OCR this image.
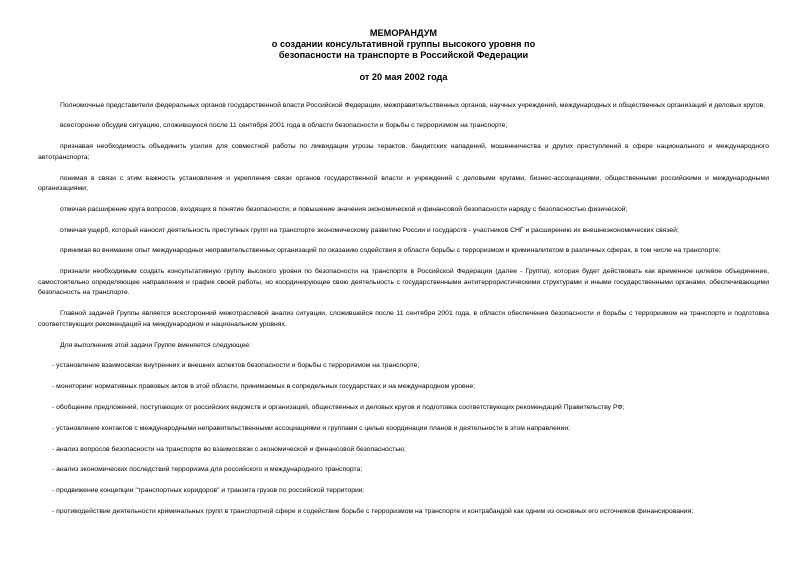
МЕМОРАНДУМ
о создании консультативной группы высокого уровня по
безопасности на транспорте в Российской Федерации
от 20 мая 2002 года

Полномочные представители федеральных органов государственной власти Российской Федерации, межправительственных органов, научных учреждений, международных и общественных организаций и деловых кругов,

всесторонне обсудив ситуацию, сложившуюся после 11 сентября 2001 года в области безопасности и борьбы с терроризмом на транспорте;

признавая необходимость объединить усилия для совместной работы по ликвидации угрозы терактов, бандитских нападений, мошенничества и других преступлений в сфере национального и международного автотранспорта;

понимая в связи с этим важность установления и укрепления связи органов государственной власти и учреждений с деловыми кругами, бизнес-ассоциациями, общественными российскими и международными организациями;

отмечая расширение круга вопросов, входящих в понятие безопасности, и повышение значения экономической и финансовой безопасности наряду с безопасностью физической;

отмечая ущерб, который наносит деятельность преступных групп на транспорте экономическому развитию России и государств - участников СНГ и расширению их внешнеэкономических связей;

принимая во внимание опыт международных неправительственных организаций по оказанию содействия в области борьбы с терроризмом и криминалитетом в различных сферах, в том числе на транспорте;

признали необходимым создать консультативную группу высокого уровня по безопасности на транспорте в Российской Федерации (далее - Группа), которая будет действовать как временное целевое объединение, самостоятельно определяющее направления и график своей работы, но координирующее свою деятельность с государственными антитеррористическими структурами и иными государственными органами, обеспечивающими безопасность на транспорте.

Главной задачей Группы является всесторонний межотраслевой анализ ситуации, сложившейся после 11 сентября 2001 года, в области обеспечения безопасности и борьбы с терроризмом на транспорте и подготовка соответствующих рекомендаций на международном и национальном уровнях.

Для выполнения этой задачи Группе вменяется следующее:

- установление взаимосвязи внутренних и внешних аспектов безопасности и борьбы с терроризмом на транспорте;

- мониторинг нормативных правовых актов в этой области, принимаемых в сопредельных государствах и на международном уровне;

- обобщение предложений, поступающих от российских ведомств и организаций, общественных и деловых кругов и подготовка соответствующих рекомендаций Правительству РФ;

- установление контактов с международными неправительственными ассоциациями и группами с целью координации планов и деятельности в этом направлении;

- анализ вопросов безопасности на транспорте во взаимосвязи с экономической и финансовой безопасностью;

- анализ экономических последствий терроризма для российского и международного транспорта;

- продвижение концепции "транспортных коридоров" и транзита грузов по российской территории;

- противодействие деятельности криминальных групп в транспортной сфере и содействие борьбе с терроризмом на транспорте и контрабандой как одним из основных его источников финансирования;
